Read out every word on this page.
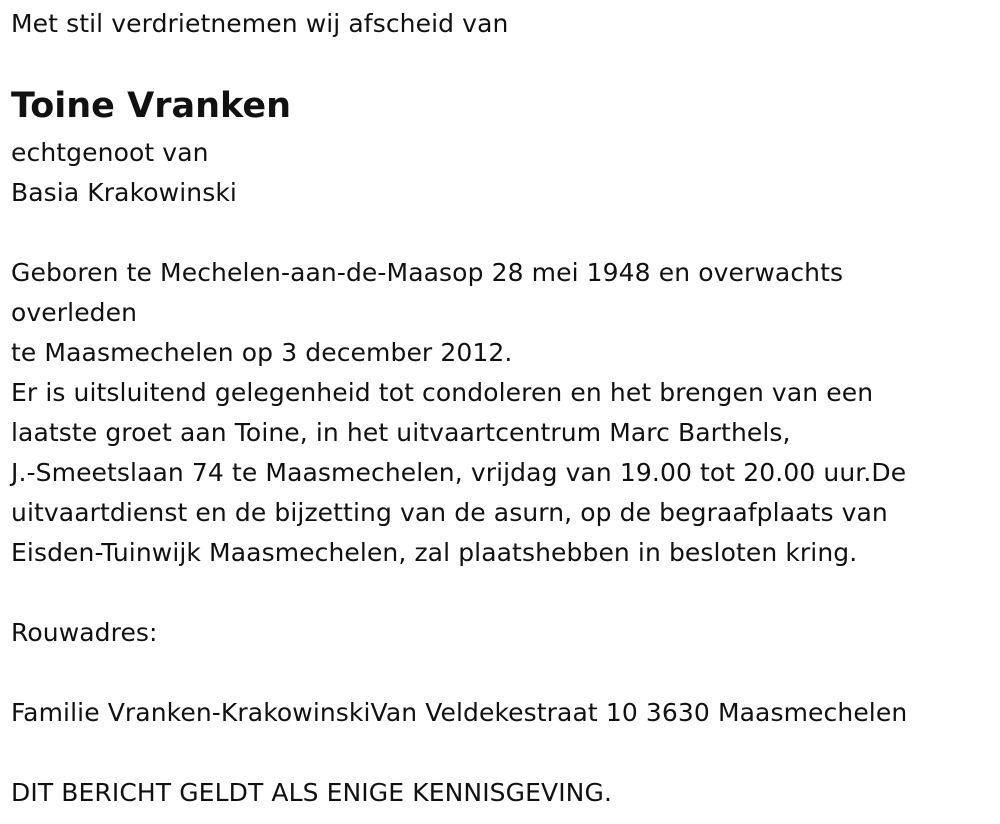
Met stil verdrietnemen wij afscheid van
Toine Vranken
echtgenoot van
Basia Krakowinski
Geboren te Mechelen-aan-de-Maasop 28 mei 1948 en overwachts
overleden
te Maasmechelen op 3 december 2012.
Er is uitsluitend gelegenheid tot condoleren en het brengen van een
laatste groet aan Toine, in het uitvaartcentrum Marc Barthels,
J.-Smeetslaan 74 te Maasmechelen, vrijdag van 19.00 tot 20.00 uur.De
uitvaartdienst en de bijzetting van de asurn, op de begraafplaats van
Eisden-Tuinwijk Maasmechelen, zal plaatshebben in besloten kring.
Rouwadres:
Familie Vranken-KrakowinskiVan Veldekestraat 10 3630 Maasmechelen
DIT BERICHT GELDT ALS ENIGE KENNISGEVING.
